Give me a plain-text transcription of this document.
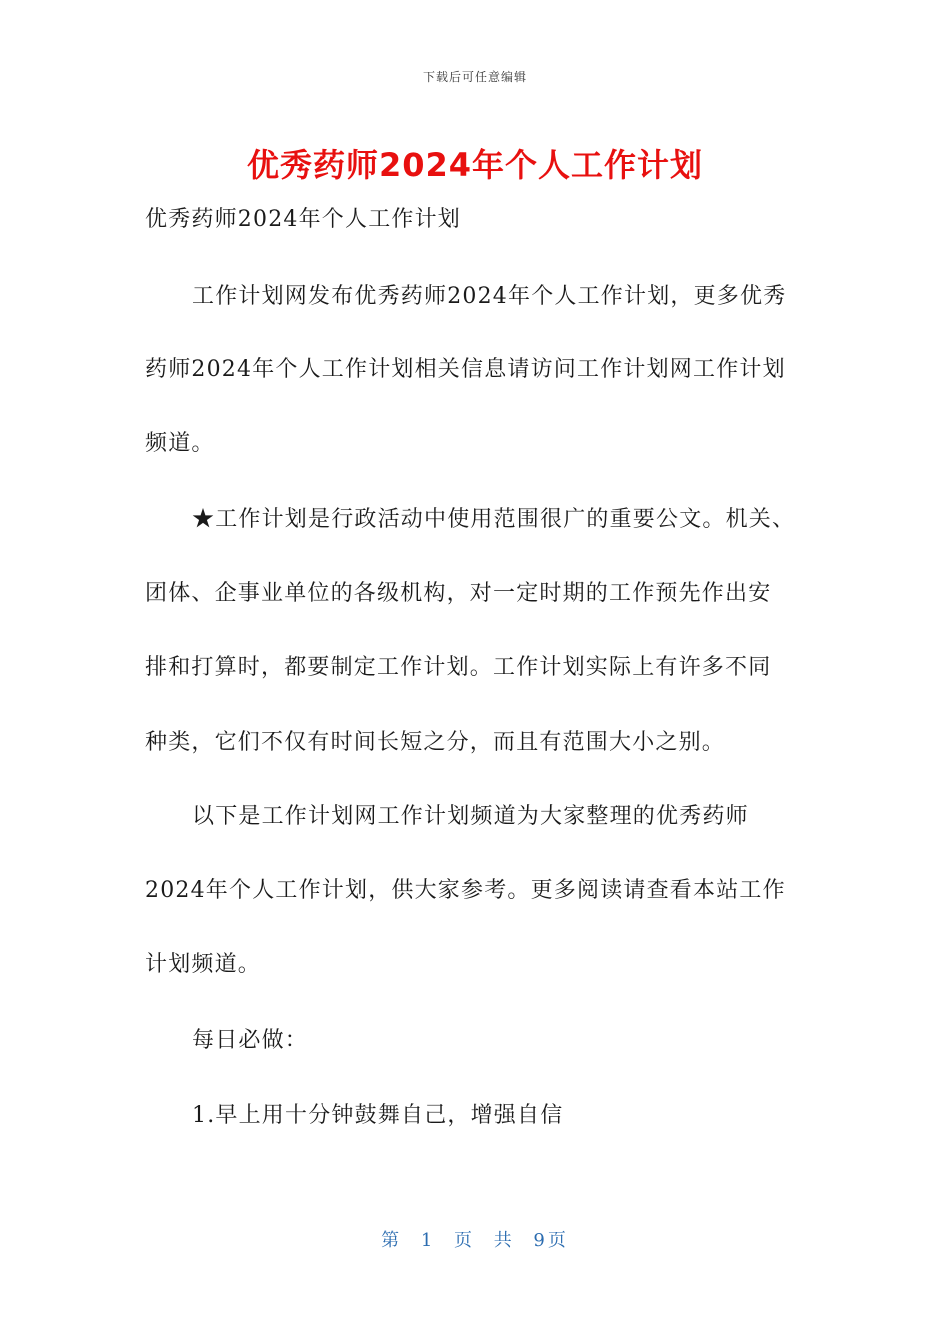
下载后可任意编辑
优秀药师2024年个人工作计划
优秀药师2024年个人工作计划
工作计划网发布优秀药师2024年个人工作计划，更多优秀
药师2024年个人工作计划相关信息请访问工作计划网工作计划
频道。
★工作计划是行政活动中使用范围很广的重要公文。机关、
团体、企事业单位的各级机构，对一定时期的工作预先作出安
排和打算时，都要制定工作计划。工作计划实际上有许多不同
种类，它们不仅有时间长短之分，而且有范围大小之别。
以下是工作计划网工作计划频道为大家整理的优秀药师
2024年个人工作计划，供大家参考。更多阅读请查看本站工作
计划频道。
每日必做：
1.早上用十分钟鼓舞自己，增强自信
第 1 页 共 9页
